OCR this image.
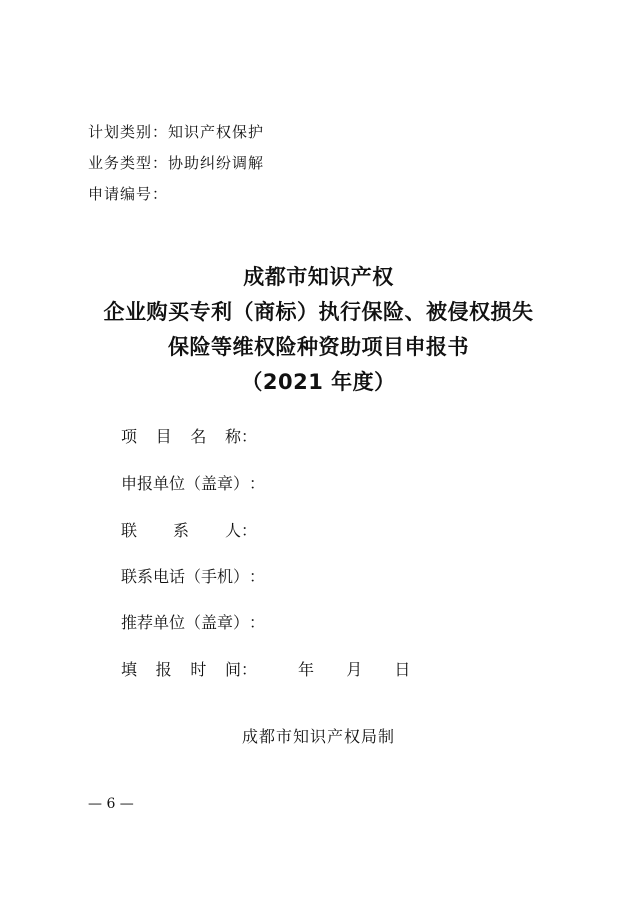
计划类别：知识产权保护
业务类型：协助纠纷调解
申请编号：
成都市知识产权
企业购买专利（商标）执行保险、被侵权损失
保险等维权险种资助项目申报书
（2021 年度）
项 目 名 称：
申报单位（盖章）：
联 系 人：
联系电话（手机）：
推荐单位（盖章）：
填 报 时 间：	年 月 日
成都市知识产权局制
— 6 —
